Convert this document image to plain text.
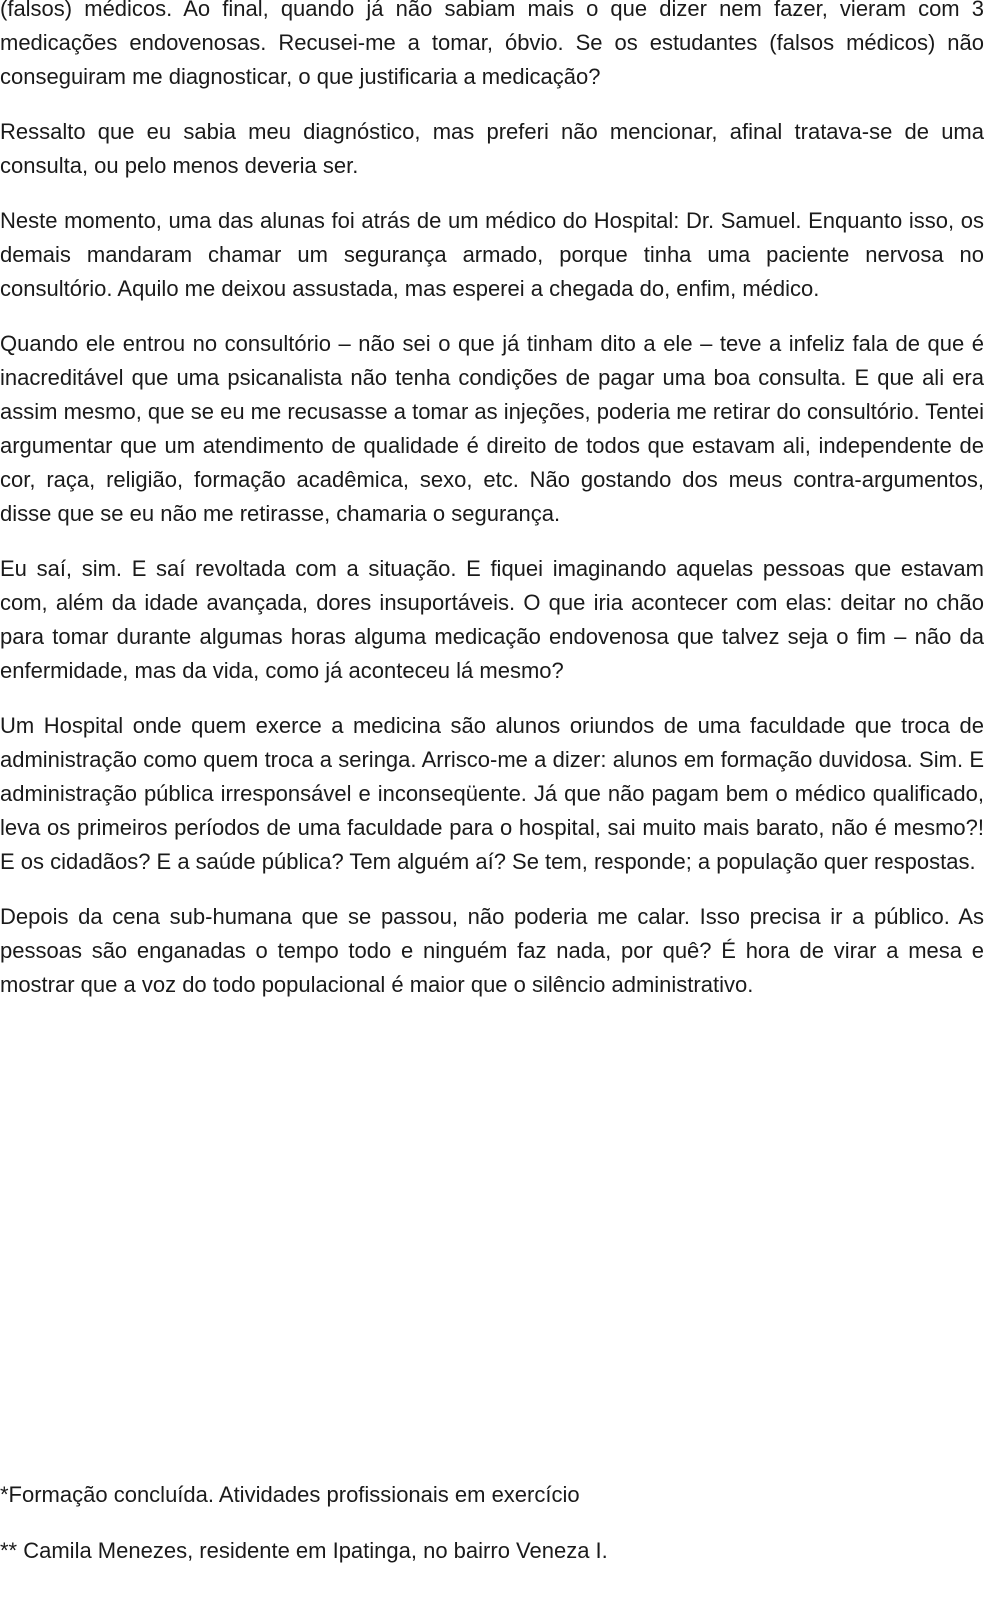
(falsos) médicos. Ao final, quando já não sabiam mais o que dizer nem fazer, vieram com 3 medicações endovenosas. Recusei-me a tomar, óbvio. Se os estudantes (falsos médicos) não conseguiram me diagnosticar, o que justificaria a medicação?

Ressalto que eu sabia meu diagnóstico, mas preferi não mencionar, afinal tratava-se de uma consulta, ou pelo menos deveria ser.

Neste momento, uma das alunas foi atrás de um médico do Hospital: Dr. Samuel. Enquanto isso, os demais mandaram chamar um segurança armado, porque tinha uma paciente nervosa no consultório. Aquilo me deixou assustada, mas esperei a chegada do, enfim, médico.

Quando ele entrou no consultório – não sei o que já tinham dito a ele – teve a infeliz fala de que é inacreditável que uma psicanalista não tenha condições de pagar uma boa consulta. E que ali era assim mesmo, que se eu me recusasse a tomar as injeções, poderia me retirar do consultório. Tentei argumentar que um atendimento de qualidade é direito de todos que estavam ali, independente de cor, raça, religião, formação acadêmica, sexo, etc. Não gostando dos meus contra-argumentos, disse que se eu não me retirasse, chamaria o segurança.

Eu saí, sim. E saí revoltada com a situação. E fiquei imaginando aquelas pessoas que estavam com, além da idade avançada, dores insuportáveis. O que iria acontecer com elas: deitar no chão para tomar durante algumas horas alguma medicação endovenosa que talvez seja o fim – não da enfermidade, mas da vida, como já aconteceu lá mesmo?

Um Hospital onde quem exerce a medicina são alunos oriundos de uma faculdade que troca de administração como quem troca a seringa. Arrisco-me a dizer: alunos em formação duvidosa. Sim. E administração pública irresponsável e inconseqüente. Já que não pagam bem o médico qualificado, leva os primeiros períodos de uma faculdade para o hospital, sai muito mais barato, não é mesmo?! E os cidadãos? E a saúde pública? Tem alguém aí? Se tem, responde; a população quer respostas.

Depois da cena sub-humana que se passou, não poderia me calar. Isso precisa ir a público. As pessoas são enganadas o tempo todo e ninguém faz nada, por quê? É hora de virar a mesa e mostrar que a voz do todo populacional é maior que o silêncio administrativo.

*Formação concluída. Atividades profissionais em exercício

** Camila Menezes, residente em Ipatinga, no bairro Veneza I.
